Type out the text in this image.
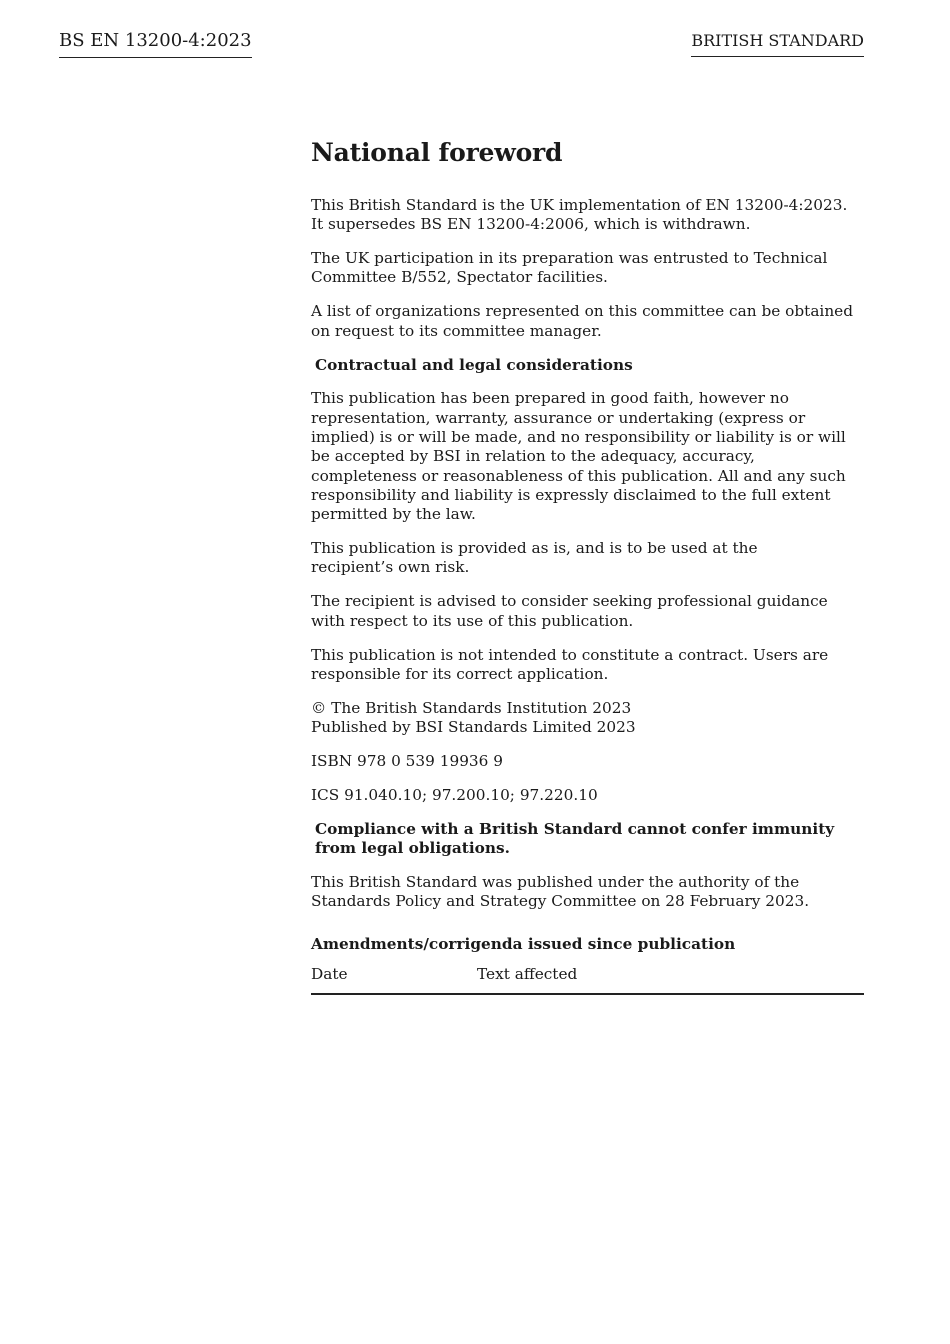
BS EN 13200-4:2023	BRITISH STANDARD
National foreword

This British Standard is the UK implementation of EN 13200-4:2023. It supersedes BS EN 13200-4:2006, which is withdrawn.

The UK participation in its preparation was entrusted to Technical Committee B/552, Spectator facilities.

A list of organizations represented on this committee can be obtained on request to its committee manager.

Contractual and legal considerations

This publication has been prepared in good faith, however no representation, warranty, assurance or undertaking (express or implied) is or will be made, and no responsibility or liability is or will be accepted by BSI in relation to the adequacy, accuracy, completeness or reasonableness of this publication. All and any such responsibility and liability is expressly disclaimed to the full extent permitted by the law.

This publication is provided as is, and is to be used at the
recipient’s own risk.

The recipient is advised to consider seeking professional guidance with respect to its use of this publication.

This publication is not intended to constitute a contract. Users are responsible for its correct application.

© The British Standards Institution 2023
Published by BSI Standards Limited 2023

ISBN 978 0 539 19936 9

ICS 91.040.10; 97.200.10; 97.220.10

Compliance with a British Standard cannot confer immunity from legal obligations.

This British Standard was published under the authority of the Standards Policy and Strategy Committee on 28 February 2023.

Amendments/corrigenda issued since publication
Date	Text affected
